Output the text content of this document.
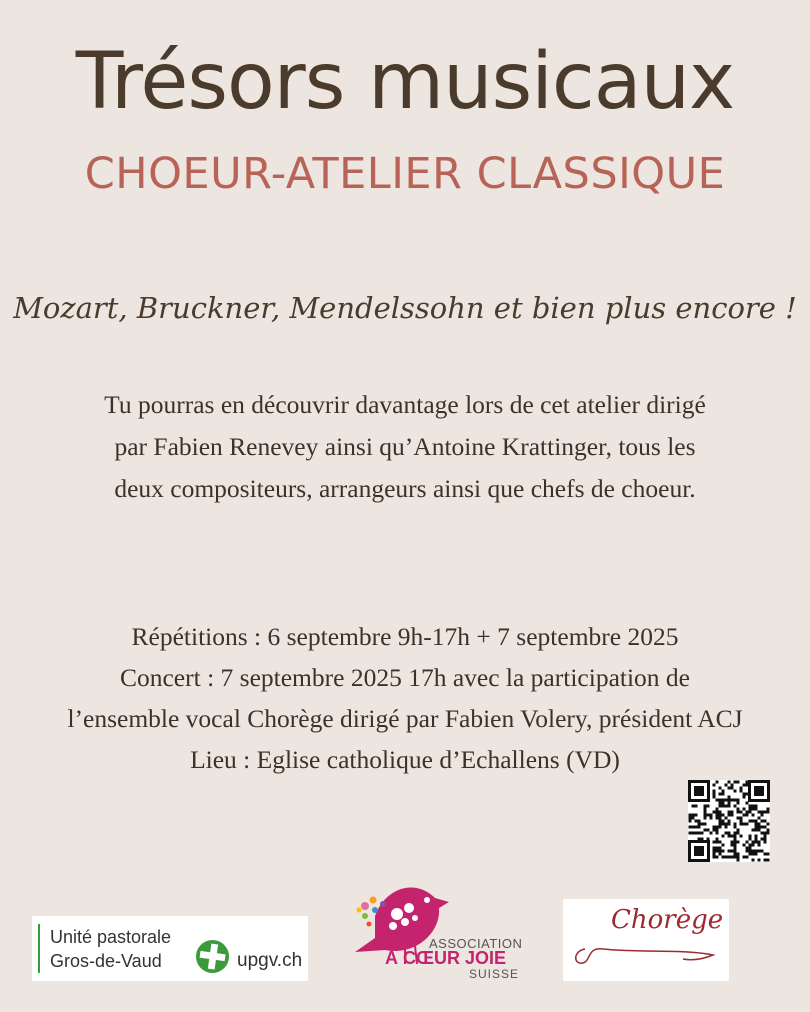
Trésors musicaux
CHOEUR-ATELIER CLASSIQUE
Mozart, Bruckner, Mendelssohn et bien plus encore !
Tu pourras en découvrir davantage lors de cet atelier dirigé
par Fabien Renevey ainsi qu’Antoine Krattinger, tous les
deux compositeurs, arrangeurs ainsi que chefs de choeur.
Répétitions : 6 septembre 9h-17h + 7 septembre 2025
Concert : 7 septembre 2025 17h avec la participation de
l’ensemble vocal Chorège dirigé par Fabien Volery, président ACJ
Lieu : Eglise catholique d’Echallens (VD)
Unité pastorale
Gros-de-Vaud	upgv.ch
ASSOCIATION
À CŒUR JOIE
SUISSE
Chorège
